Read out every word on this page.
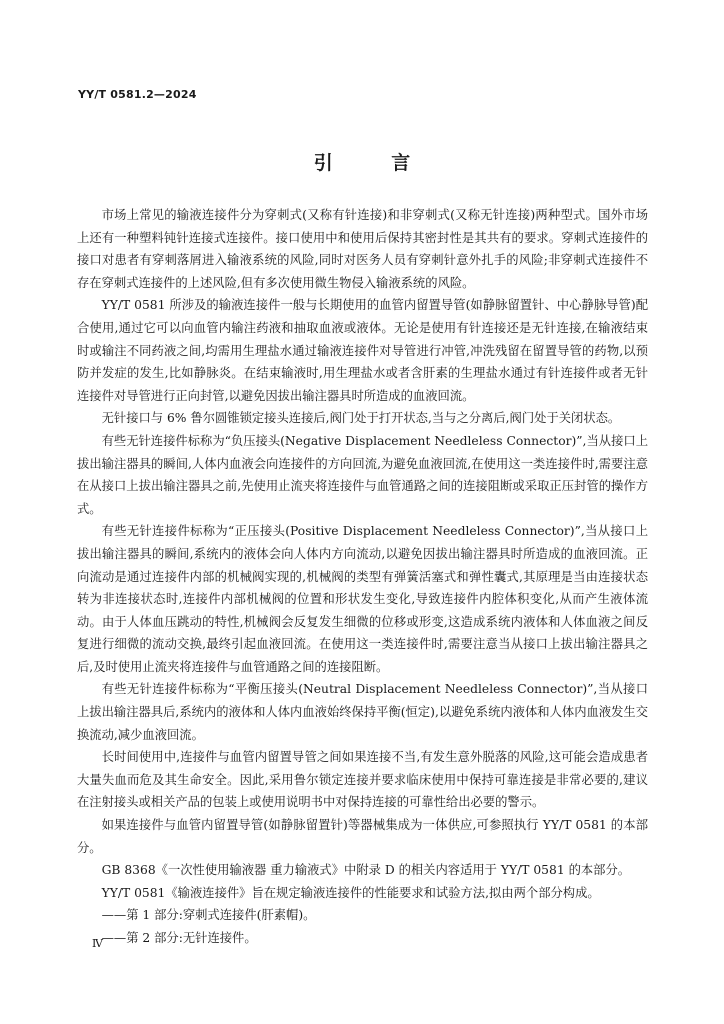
YY/T 0581.2—2024
引 言

市场上常见的输液连接件分为穿刺式(又称有针连接)和非穿刺式(又称无针连接)两种型式。国外市场上还有一种塑料钝针连接式连接件。接口使用中和使用后保持其密封性是其共有的要求。穿刺式连接件的接口对患者有穿刺落屑进入输液系统的风险,同时对医务人员有穿刺针意外扎手的风险;非穿刺式连接件不存在穿刺式连接件的上述风险,但有多次使用微生物侵入输液系统的风险。

YY/T 0581 所涉及的输液连接件一般与长期使用的血管内留置导管(如静脉留置针、中心静脉导管)配合使用,通过它可以向血管内输注药液和抽取血液或液体。无论是使用有针连接还是无针连接,在输液结束时或输注不同药液之间,均需用生理盐水通过输液连接件对导管进行冲管,冲洗残留在留置导管的药物,以预防并发症的发生,比如静脉炎。在结束输液时,用生理盐水或者含肝素的生理盐水通过有针连接件或者无针连接件对导管进行正向封管,以避免因拔出输注器具时所造成的血液回流。

无针接口与 6% 鲁尔圆锥锁定接头连接后,阀门处于打开状态,当与之分离后,阀门处于关闭状态。

有些无针连接件标称为“负压接头(Negative Displacement Needleless Connector)”,当从接口上拔出输注器具的瞬间,人体内血液会向连接件的方向回流,为避免血液回流,在使用这一类连接件时,需要注意在从接口上拔出输注器具之前,先使用止流夹将连接件与血管通路之间的连接阻断或采取正压封管的操作方式。

有些无针连接件标称为“正压接头(Positive Displacement Needleless Connector)”,当从接口上拔出输注器具的瞬间,系统内的液体会向人体内方向流动,以避免因拔出输注器具时所造成的血液回流。正向流动是通过连接件内部的机械阀实现的,机械阀的类型有弹簧活塞式和弹性囊式,其原理是当由连接状态转为非连接状态时,连接件内部机械阀的位置和形状发生变化,导致连接件内腔体积变化,从而产生液体流动。由于人体血压跳动的特性,机械阀会反复发生细微的位移或形变,这造成系统内液体和人体血液之间反复进行细微的流动交换,最终引起血液回流。在使用这一类连接件时,需要注意当从接口上拔出输注器具之后,及时使用止流夹将连接件与血管通路之间的连接阻断。

有些无针连接件标称为“平衡压接头(Neutral Displacement Needleless Connector)”,当从接口上拔出输注器具后,系统内的液体和人体内血液始终保持平衡(恒定),以避免系统内液体和人体内血液发生交换流动,减少血液回流。

长时间使用中,连接件与血管内留置导管之间如果连接不当,有发生意外脱落的风险,这可能会造成患者大量失血而危及其生命安全。因此,采用鲁尔锁定连接并要求临床使用中保持可靠连接是非常必要的,建议在注射接头或相关产品的包装上或使用说明书中对保持连接的可靠性给出必要的警示。

如果连接件与血管内留置导管(如静脉留置针)等器械集成为一体供应,可参照执行 YY/T 0581 的本部分。

GB 8368《一次性使用输液器 重力输液式》中附录 D 的相关内容适用于 YY/T 0581 的本部分。

YY/T 0581《输液连接件》旨在规定输液连接件的性能要求和试验方法,拟由两个部分构成。

——第 1 部分:穿刺式连接件(肝素帽)。

——第 2 部分:无针连接件。

Ⅳ
